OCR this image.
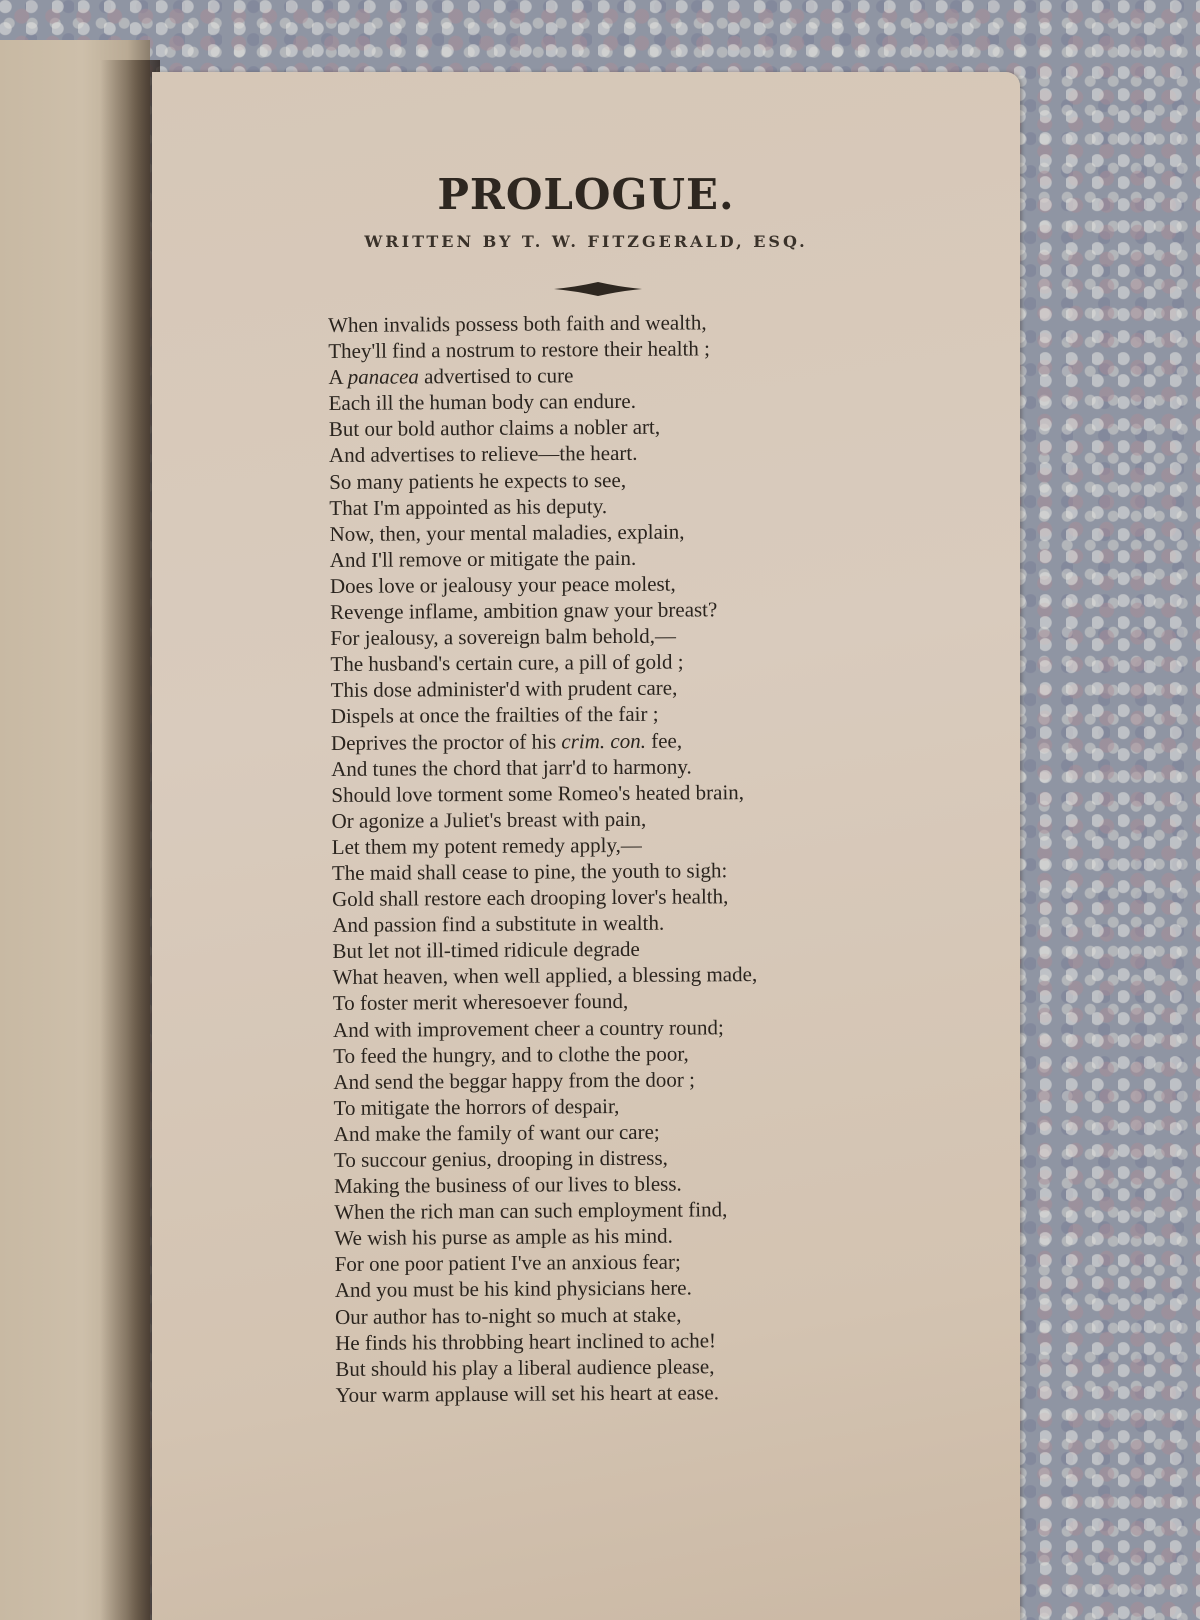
PROLOGUE.
WRITTEN BY T. W. FITZGERALD, ESQ.
When invalids possess both faith and wealth,
They'll find a nostrum to restore their health ;
A panacea advertised to cure
Each ill the human body can endure.
But our bold author claims a nobler art,
And advertises to relieve—the heart.
So many patients he expects to see,
That I'm appointed as his deputy.
Now, then, your mental maladies, explain,
And I'll remove or mitigate the pain.
Does love or jealousy your peace molest,
Revenge inflame, ambition gnaw your breast?
For jealousy, a sovereign balm behold,—
The husband's certain cure, a pill of gold ;
This dose administer'd with prudent care,
Dispels at once the frailties of the fair ;
Deprives the proctor of his crim. con. fee,
And tunes the chord that jarr'd to harmony.
Should love torment some Romeo's heated brain,
Or agonize a Juliet's breast with pain,
Let them my potent remedy apply,—
The maid shall cease to pine, the youth to sigh:
Gold shall restore each drooping lover's health,
And passion find a substitute in wealth.
But let not ill-timed ridicule degrade
What heaven, when well applied, a blessing made,
To foster merit wheresoever found,
And with improvement cheer a country round;
To feed the hungry, and to clothe the poor,
And send the beggar happy from the door ;
To mitigate the horrors of despair,
And make the family of want our care;
To succour genius, drooping in distress,
Making the business of our lives to bless.
When the rich man can such employment find,
We wish his purse as ample as his mind.
For one poor patient I've an anxious fear;
And you must be his kind physicians here.
Our author has to-night so much at stake,
He finds his throbbing heart inclined to ache!
But should his play a liberal audience please,
Your warm applause will set his heart at ease.
